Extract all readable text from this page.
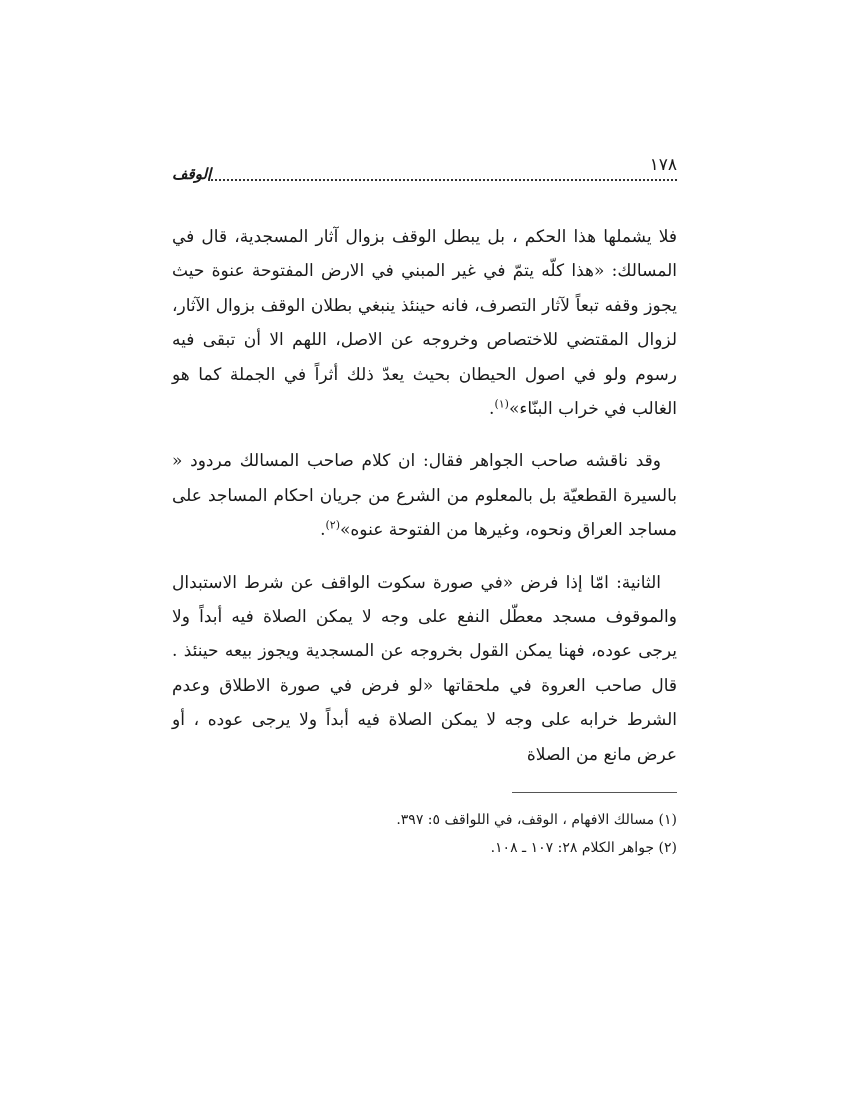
١٧٨
الوقف

فلا يشملها هذا الحكم ، بل يبطل الوقف بزوال آثار المسجدية، قال في المسالك: «هذا كلّه يتمّ في غير المبني في الارض المفتوحة عنوة حيث يجوز وقفه تبعاً لآثار التصرف، فانه حينئذ ينبغي بطلان الوقف بزوال الآثار، لزوال المقتضي للاختصاص وخروجه عن الاصل، اللهم الا أن تبقى فيه رسوم ولو في اصول الحيطان بحيث يعدّ ذلك أثراً في الجملة كما هو الغالب في خراب البنّاء»$^{(١)}$.

وقد ناقشه صاحب الجواهر فقال: ان كلام صاحب المسالك مردود « بالسيرة القطعيّة بل بالمعلوم من الشرع من جريان احكام المساجد على مساجد العراق ونحوه، وغيرها من الفتوحة عنوه»$^{(٢)}$.

الثانية: امّا إذا فرض «في صورة سكوت الواقف عن شرط الاستبدال والموقوف مسجد معطّل النفع على وجه لا يمكن الصلاة فيه أبداً ولا يرجى عوده، فهنا يمكن القول بخروجه عن المسجدية ويجوز بيعه حينئذ . قال صاحب العروة في ملحقاتها «لو فرض في صورة الاطلاق وعدم الشرط خرابه على وجه لا يمكن الصلاة فيه أبداً ولا يرجى عوده ، أو عرض مانع من الصلاة

(١) مسالك الافهام ، الوقف، في اللواقف ٥: ٣٩٧.

(٢) جواهر الكلام ٢٨: ١٠٧ ـ ١٠٨.
